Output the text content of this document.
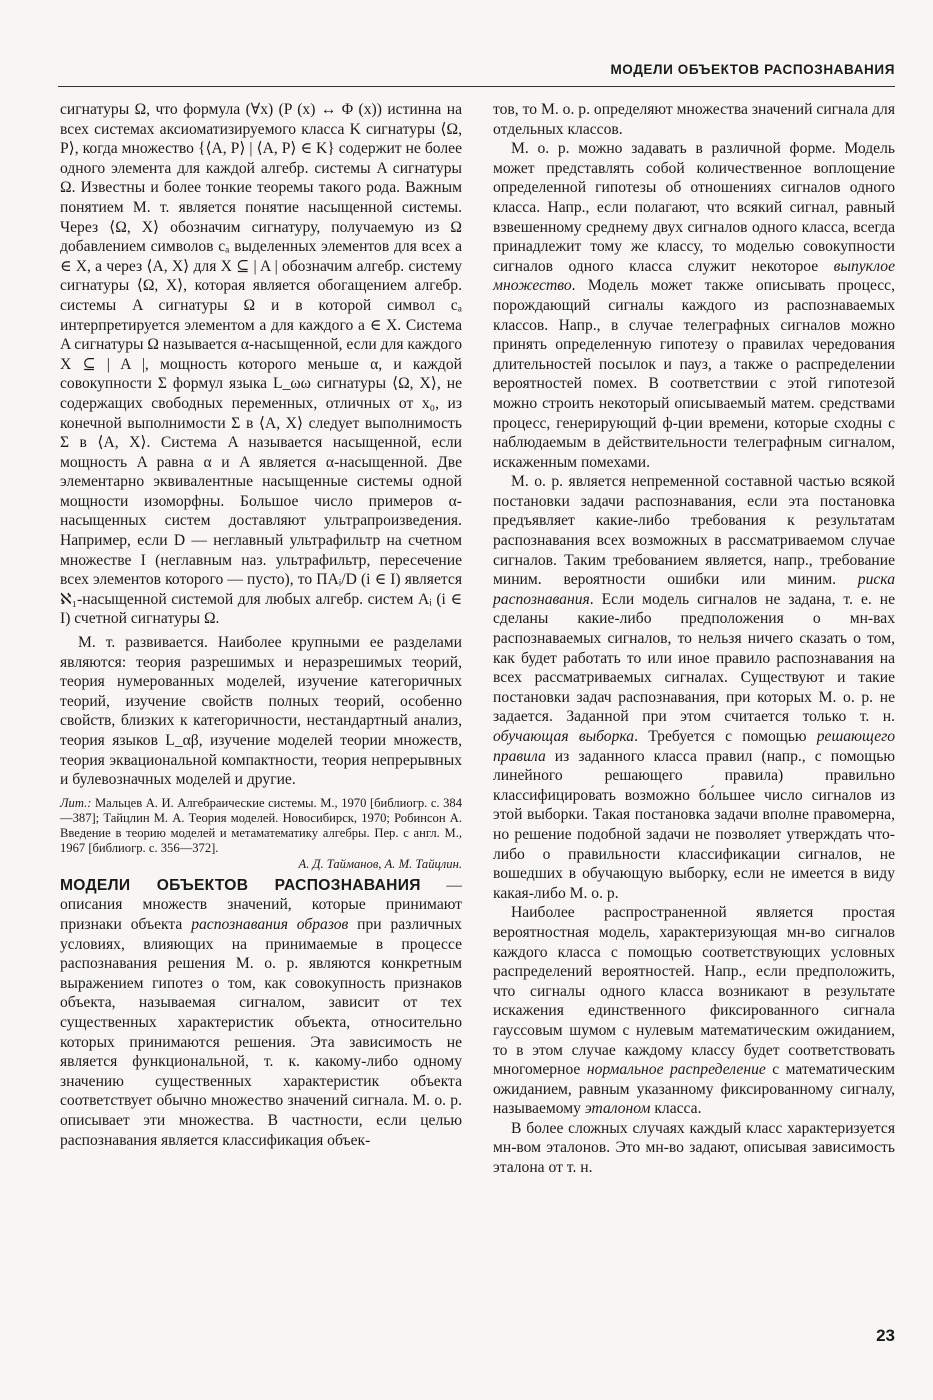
МОДЕЛИ ОБЪЕКТОВ РАСПОЗНАВАНИЯ

сигнатуры Ω, что формула (∀x) (P (x) ↔ Φ (x)) истинна на всех системах аксиоматизируемого класса K сигнатуры ⟨Ω, P⟩, когда множество {⟨A, P⟩ | ⟨A, P⟩ ∈ K} содержит не более одного элемента для каждой алгебр. системы A сигнатуры Ω. Известны и более тонкие теоремы такого рода. Важным понятием М. т. является понятие насыщенной системы. Через ⟨Ω, X⟩ обозначим сигнатуру, получаемую из Ω добавлением символов cₐ выделенных элементов для всех a ∈ X, а через ⟨A, X⟩ для X ⊆ | A | обозначим алгебр. систему сигнатуры ⟨Ω, X⟩, которая является обогащением алгебр. системы A сигнатуры Ω и в которой символ cₐ интерпретируется элементом a для каждого a ∈ X. Система A сигнатуры Ω называется α-насыщенной, если для каждого X ⊆ | A |, мощность которого меньше α, и каждой совокупности Σ формул языка L_ωω сигнатуры ⟨Ω, X⟩, не содержащих свободных переменных, отличных от x₀, из конечной выполнимости Σ в ⟨A, X⟩ следует выполнимость Σ в ⟨A, X⟩. Система A называется насыщенной, если мощность A равна α и A является α-насыщенной. Две элементарно эквивалентные насыщенные системы одной мощности изоморфны. Большое число примеров α-насыщенных систем доставляют ультрапроизведения. Например, если D — неглавный ультрафильтр на счетном множестве I (неглавным наз. ультрафильтр, пересечение всех элементов которого — пусто), то ΠAᵢ/D (i ∈ I) является ℵ₁-насыщенной системой для любых алгебр. систем Aᵢ (i ∈ I) счетной сигнатуры Ω.

М. т. развивается. Наиболее крупными ее разделами являются: теория разрешимых и неразрешимых теорий, теория нумерованных моделей, изучение категоричных теорий, изучение свойств полных теорий, особенно свойств, близких к категоричности, нестандартный анализ, теория языков L_αβ, изучение моделей теории множеств, теория эквациональной компактности, теория непрерывных и булевозначных моделей и другие.

Лит.: Мальцев А. И. Алгебраические системы. М., 1970 [библиогр. с. 384—387]; Тайцлин М. А. Теория моделей. Новосибирск, 1970; Робинсон А. Введение в теорию моделей и метаматематику алгебры. Пер. с англ. М., 1967 [библиогр. с. 356—372].
А. Д. Тайманов, А. М. Тайцлин.

МОДЕЛИ ОБЪЕКТОВ РАСПОЗНАВАНИЯ — описания множеств значений, которые принимают признаки объекта распознавания образов при различных условиях, влияющих на принимаемые в процессе распознавания решения М. о. р. являются конкретным выражением гипотез о том, как совокупность признаков объекта, называемая сигналом, зависит от тех существенных характеристик объекта, относительно которых принимаются решения. Эта зависимость не является функциональной, т. к. какому-либо одному значению существенных характеристик объекта соответствует обычно множество значений сигнала. М. о. р. описывает эти множества. В частности, если целью распознавания является классификация объек-

тов, то М. о. р. определяют множества значений сигнала для отдельных классов.

М. о. р. можно задавать в различной форме. Модель может представлять собой количественное воплощение определенной гипотезы об отношениях сигналов одного класса. Напр., если полагают, что всякий сигнал, равный взвешенному среднему двух сигналов одного класса, всегда принадлежит тому же классу, то моделью совокупности сигналов одного класса служит некоторое выпуклое множество. Модель может также описывать процесс, порождающий сигналы каждого из распознаваемых классов. Напр., в случае телеграфных сигналов можно принять определенную гипотезу о правилах чередования длительностей посылок и пауз, а также о распределении вероятностей помех. В соответствии с этой гипотезой можно строить некоторый описываемый матем. средствами процесс, генерирующий ф-ции времени, которые сходны с наблюдаемым в действительности телеграфным сигналом, искаженным помехами.

М. о. р. является непременной составной частью всякой постановки задачи распознавания, если эта постановка предъявляет какие-либо требования к результатам распознавания всех возможных в рассматриваемом случае сигналов. Таким требованием является, напр., требование миним. вероятности ошибки или миним. риска распознавания. Если модель сигналов не задана, т. е. не сделаны какие-либо предположения о мн-вах распознаваемых сигналов, то нельзя ничего сказать о том, как будет работать то или иное правило распознавания на всех рассматриваемых сигналах. Существуют и такие постановки задач распознавания, при которых М. о. р. не задается. Заданной при этом считается только т. н. обучающая выборка. Требуется с помощью решающего правила из заданного класса правил (напр., с помощью линейного решающего правила) правильно классифицировать возможно бо́льшее число сигналов из этой выборки. Такая постановка задачи вполне правомерна, но решение подобной задачи не позволяет утверждать что-либо о правильности классификации сигналов, не вошедших в обучающую выборку, если не имеется в виду какая-либо М. о. р.

Наиболее распространенной является простая вероятностная модель, характеризующая мн-во сигналов каждого класса с помощью соответствующих условных распределений вероятностей. Напр., если предположить, что сигналы одного класса возникают в результате искажения единственного фиксированного сигнала гауссовым шумом с нулевым математическим ожиданием, то в этом случае каждому классу будет соответствовать многомерное нормальное распределение с математическим ожиданием, равным указанному фиксированному сигналу, называемому эталоном класса.

В более сложных случаях каждый класс характеризуется мн-вом эталонов. Это мн-во задают, описывая зависимость эталона от т. н.

23
